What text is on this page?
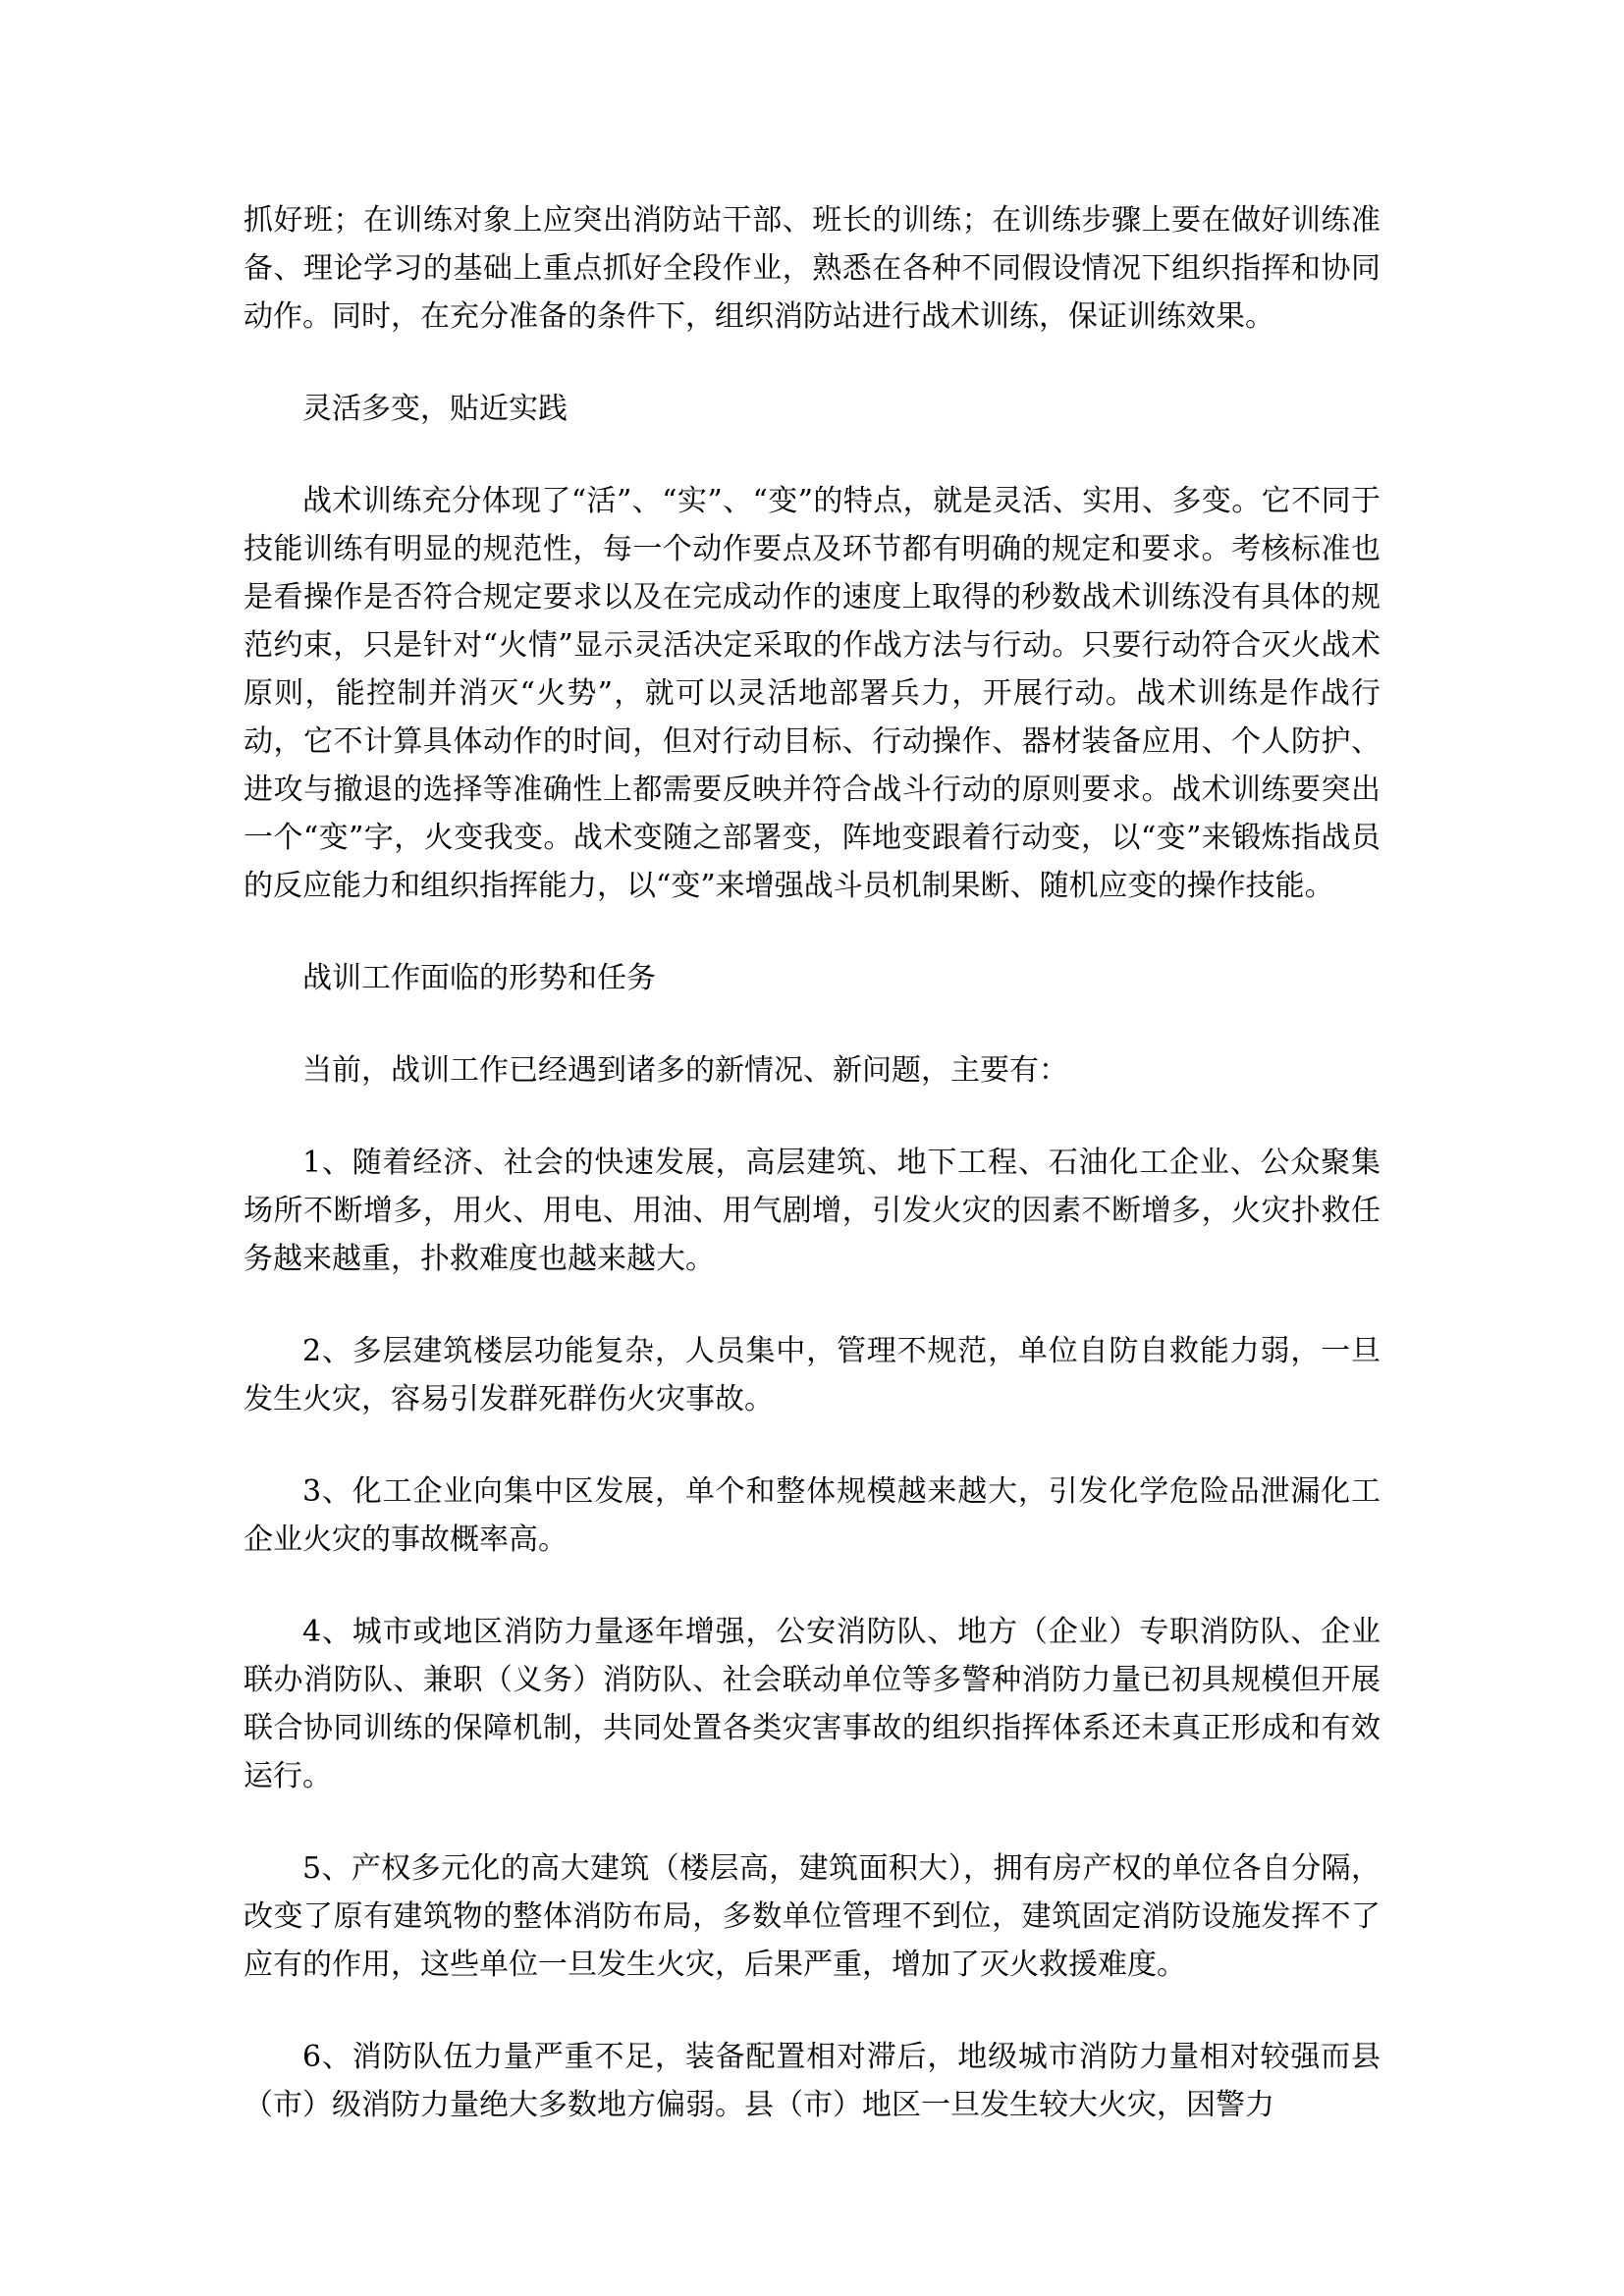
抓好班；在训练对象上应突出消防站干部、班长的训练；在训练步骤上要在做好训练准备、理论学习的基础上重点抓好全段作业，熟悉在各种不同假设情况下组织指挥和协同动作。同时，在充分准备的条件下，组织消防站进行战术训练，保证训练效果。

灵活多变，贴近实践

战术训练充分体现了“活”、“实”、“变”的特点，就是灵活、实用、多变。它不同于技能训练有明显的规范性，每一个动作要点及环节都有明确的规定和要求。考核标准也是看操作是否符合规定要求以及在完成动作的速度上取得的秒数战术训练没有具体的规范约束，只是针对“火情”显示灵活决定采取的作战方法与行动。只要行动符合灭火战术原则，能控制并消灭“火势”，就可以灵活地部署兵力，开展行动。战术训练是作战行动，它不计算具体动作的时间，但对行动目标、行动操作、器材装备应用、个人防护、进攻与撤退的选择等准确性上都需要反映并符合战斗行动的原则要求。战术训练要突出一个“变”字，火变我变。战术变随之部署变，阵地变跟着行动变，以“变”来锻炼指战员的反应能力和组织指挥能力，以“变”来增强战斗员机制果断、随机应变的操作技能。

战训工作面临的形势和任务

当前，战训工作已经遇到诸多的新情况、新问题，主要有：

1、随着经济、社会的快速发展，高层建筑、地下工程、石油化工企业、公众聚集场所不断增多，用火、用电、用油、用气剧增，引发火灾的因素不断增多，火灾扑救任务越来越重，扑救难度也越来越大。

2、多层建筑楼层功能复杂，人员集中，管理不规范，单位自防自救能力弱，一旦发生火灾，容易引发群死群伤火灾事故。

3、化工企业向集中区发展，单个和整体规模越来越大，引发化学危险品泄漏化工企业火灾的事故概率高。

4、城市或地区消防力量逐年增强，公安消防队、地方（企业）专职消防队、企业联办消防队、兼职（义务）消防队、社会联动单位等多警种消防力量已初具规模但开展联合协同训练的保障机制，共同处置各类灾害事故的组织指挥体系还未真正形成和有效运行。

5、产权多元化的高大建筑（楼层高，建筑面积大），拥有房产权的单位各自分隔，改变了原有建筑物的整体消防布局，多数单位管理不到位，建筑固定消防设施发挥不了应有的作用，这些单位一旦发生火灾，后果严重，增加了灭火救援难度。

6、消防队伍力量严重不足，装备配置相对滞后，地级城市消防力量相对较强而县（市）级消防力量绝大多数地方偏弱。县（市）地区一旦发生较大火灾，因警力
